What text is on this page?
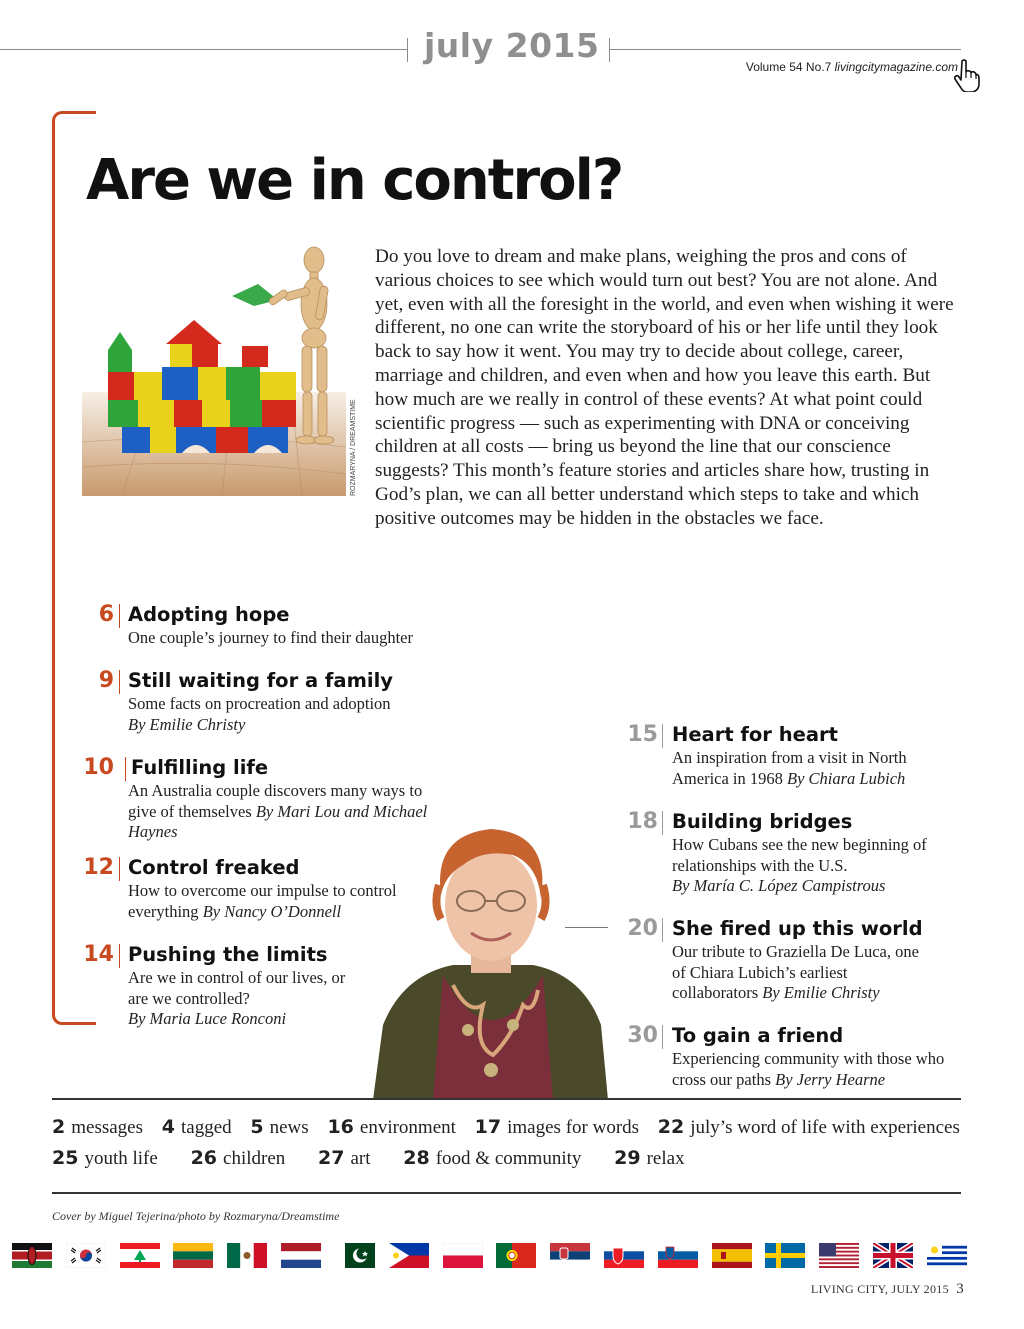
july 2015
Volume 54 No.7 livingcitymagazine.com
Are we in control?
ROZMARYNA / DREAMSTIME

Do you love to dream and make plans, weighing the pros and cons of various choices to see which would turn out best? You are not alone. And yet, even with all the foresight in the world, and even when wishing it were different, no one can write the storyboard of his or her life until they look back to say how it went. You may try to decide about college, career, marriage and children, and even when and how you leave this earth. But how much are we really in control of these events? At what point could scientific progress — such as experimenting with DNA or conceiving children at all costs — bring us beyond the line that our conscience suggests? This month’s feature stories and articles share how, trusting in God’s plan, we can all better understand which steps to take and which positive outcomes may be hidden in the obstacles we face.

6 Adopting hope
One couple’s journey to find their daughter
9 Still waiting for a family
Some facts on procreation and adoption
By Emilie Christy
10 Fulfilling life
An Australia couple discovers many ways to give of themselves By Mari Lou and Michael Haynes
12 Control freaked
How to overcome our impulse to control everything By Nancy O’Donnell
14 Pushing the limits
Are we in control of our lives, or are we controlled?
By Maria Luce Ronconi
15 Heart for heart
An inspiration from a visit in North America in 1968 By Chiara Lubich
18 Building bridges
How Cubans see the new beginning of relationships with the U.S.
By María C. López Campistrous
20 She fired up this world
Our tribute to Graziella De Luca, one of Chiara Lubich’s earliest collaborators By Emilie Christy
30 To gain a friend
Experiencing community with those who cross our paths By Jerry Hearne
2 messages 4 tagged 5 news 16 environment 17 images for words 22 july’s word of life with experiences
25 youth life 26 children 27 art 28 food & community 29 relax
Cover by Miguel Tejerina/photo by Rozmaryna/Dreamstime
LIVING CITY, JULY 2015 3
